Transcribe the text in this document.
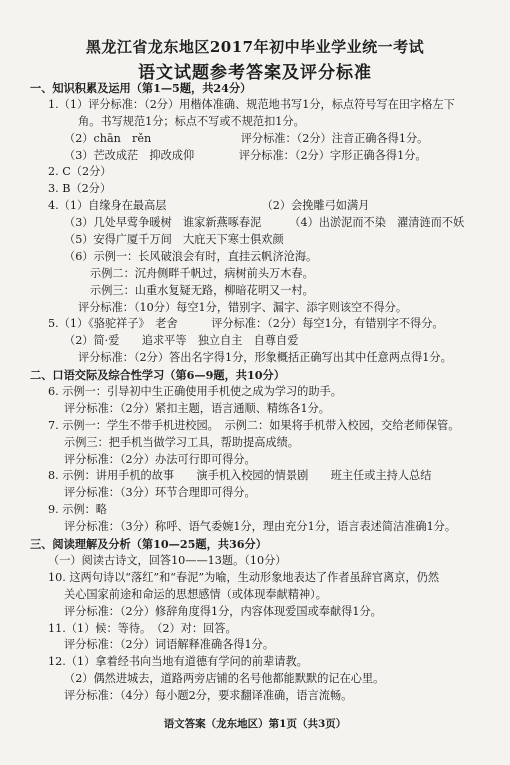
黑龙江省龙东地区2017年初中毕业学业统一考试
语文试题参考答案及评分标准
一、知识积累及运用（第1—5题，共24分）
1.（1）评分标准：（2分）用楷体准确、规范地书写1分，标点符号写在田字格左下
角。书写规范1分；标点不写或不规范扣1分。
（2）chān　rěn　　　　　　　　评分标准：（2分）注音正确各得1分。
（3）芒改成茫　抑改成仰　　　　评分标准：（2分）字形正确各得1分。
2. C（2分）
3. B（2分）
4.（1）自缘身在最高层　　　　　　　　　（2）会挽雕弓如满月
（3）几处早莺争暖树　谁家新燕啄春泥　　　（4）出淤泥而不染　濯清涟而不妖
（5）安得广厦千万间　大庇天下寒士俱欢颜
（6）示例一：长风破浪会有时，直挂云帆济沧海。
示例二：沉舟侧畔千帆过，病树前头万木春。
示例三：山重水复疑无路，柳暗花明又一村。
评分标准：（10分）每空1分，错别字、漏字、添字则该空不得分。
5.（1）《骆驼祥子》　老舍　　　评分标准：（2分）每空1分，有错别字不得分。
（2）简·爱　　追求平等　独立自主　自尊自爱
评分标准：（2分）答出名字得1分，形象概括正确写出其中任意两点得1分。
二、口语交际及综合性学习（第6—9题，共10分）
6. 示例一：引导初中生正确使用手机使之成为学习的助手。
评分标准：（2分）紧扣主题，语言通顺、精练各1分。
7. 示例一：学生不带手机进校园。　示例二：如果将手机带入校园，交给老师保管。
示例三：把手机当做学习工具，帮助提高成绩。
评分标准：（2分）办法可行即可得分。
8. 示例：讲用手机的故事　　演手机入校园的情景剧　　班主任或主持人总结
评分标准：（3分）环节合理即可得分。
9. 示例：略
评分标准：（3分）称呼、语气委婉1分，理由充分1分，语言表述简洁准确1分。
三、阅读理解及分析（第10—25题，共36分）
（一）阅读古诗文，回答10——13题。（10分）
10. 这两句诗以“落红”和“春泥”为喻，生动形象地表达了作者虽辞官离京，仍然
关心国家前途和命运的思想感情（或体现奉献精神）。
评分标准：（2分）修辞角度得1分，内容体现爱国或奉献得1分。
11.（1）候：等待。　（2）对：回答。
评分标准：（2分）词语解释准确各得1分。
12.（1）拿着经书向当地有道德有学问的前辈请教。
（2）偶然进城去，道路两旁店铺的名号他都能默默的记在心里。
评分标准：（4分）每小题2分，要求翻译准确，语言流畅。
语文答案（龙东地区）第1页（共3页）
